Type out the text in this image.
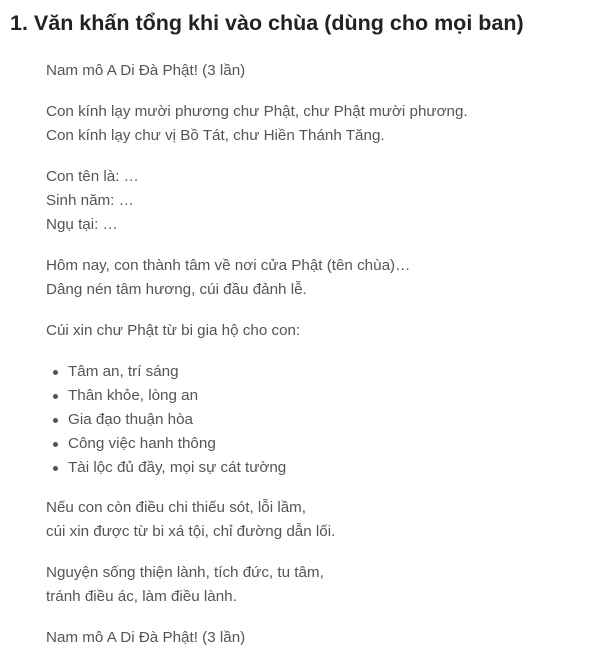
1. Văn khấn tổng khi vào chùa (dùng cho mọi ban)

Nam mô A Di Đà Phật! (3 lần)

Con kính lạy mười phương chư Phật, chư Phật mười phương.
Con kính lạy chư vị Bồ Tát, chư Hiền Thánh Tăng.

Con tên là: …
Sinh năm: …
Ngụ tại: …

Hôm nay, con thành tâm về nơi cửa Phật (tên chùa)…
Dâng nén tâm hương, cúi đầu đảnh lễ.

Cúi xin chư Phật từ bi gia hộ cho con:

Tâm an, trí sáng
Thân khỏe, lòng an
Gia đạo thuận hòa
Công việc hanh thông
Tài lộc đủ đầy, mọi sự cát tường

Nếu con còn điều chi thiếu sót, lỗi lầm,
cúi xin được từ bi xá tội, chỉ đường dẫn lối.

Nguyện sống thiện lành, tích đức, tu tâm,
tránh điều ác, làm điều lành.

Nam mô A Di Đà Phật! (3 lần)
